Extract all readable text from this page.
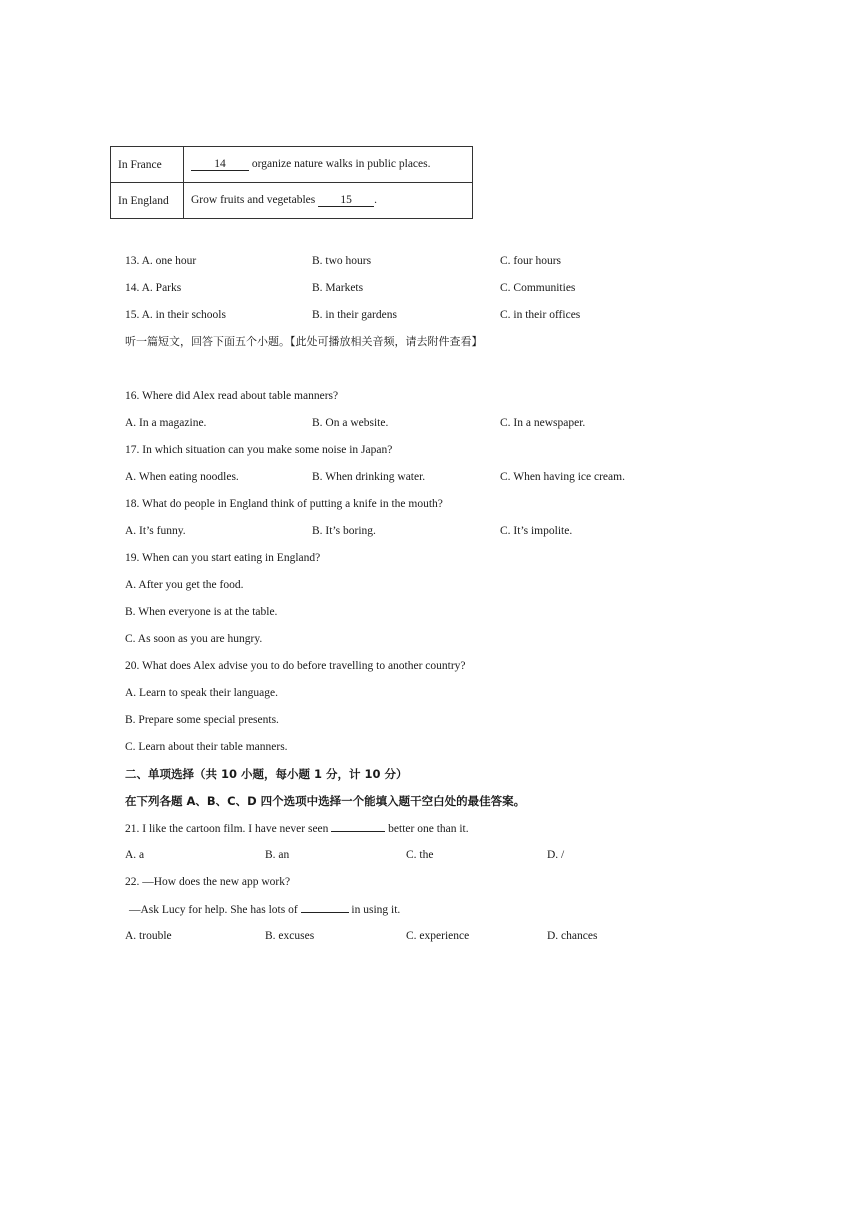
In France	14 organize nature walks in public places.
In England	Grow fruits and vegetables 15 .
13. A. one hour	B. two hours	C. four hours
14. A. Parks	B. Markets	C. Communities
15. A. in their schools	B. in their gardens	C. in their offices
听一篇短文，回答下面五个小题。【此处可播放相关音频，请去附件查看】
16. Where did Alex read about table manners?
A. In a magazine.	B. On a website.	C. In a newspaper.
17. In which situation can you make some noise in Japan?
A. When eating noodles.	B. When drinking water.	C. When having ice cream.
18. What do people in England think of putting a knife in the mouth?
A. It’s funny.	B. It’s boring.	C. It’s impolite.
19. When can you start eating in England?
A. After you get the food.
B. When everyone is at the table.
C. As soon as you are hungry.
20. What does Alex advise you to do before travelling to another country?
A. Learn to speak their language.
B. Prepare some special presents.
C. Learn about their table manners.
二、单项选择（共 10 小题，每小题 1 分，计 10 分）
在下列各题 A、B、C、D 四个选项中选择一个能填入题干空白处的最佳答案。
21. I like the cartoon film. I have never seen	better one than it.
A. a	B. an	C. the	D. /
22. —How does the new app work?
—Ask Lucy for help. She has lots of	in using it.
A. trouble	B. excuses	C. experience	D. chances
